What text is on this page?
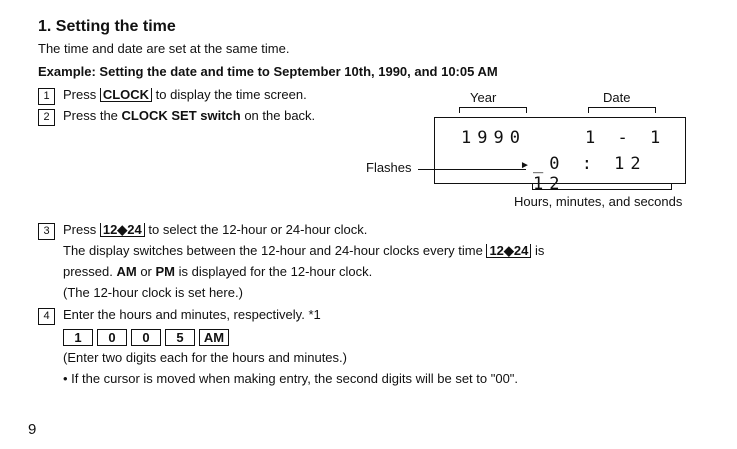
1. Setting the time
The time and date are set at the same time.
Example: Setting the date and time to September 10th, 1990, and 10:05 AM
1 Press CLOCK to display the time screen.
2 Press the CLOCK SET switch on the back.
Year	Date
1990	1 - 1
_0 : 12 12
Flashes	►
Hours, minutes, and seconds
3 Press 12◆24 to select the 12-hour or 24-hour clock.
The display switches between the 12-hour and 24-hour clocks every time 12◆24 is
pressed. AM or PM is displayed for the 12-hour clock.
(The 12-hour clock is set here.)
4 Enter the hours and minutes, respectively. *1
1 0 0 5 AM
(Enter two digits each for the hours and minutes.)
• If the cursor is moved when making entry, the second digits will be set to "00".
9
